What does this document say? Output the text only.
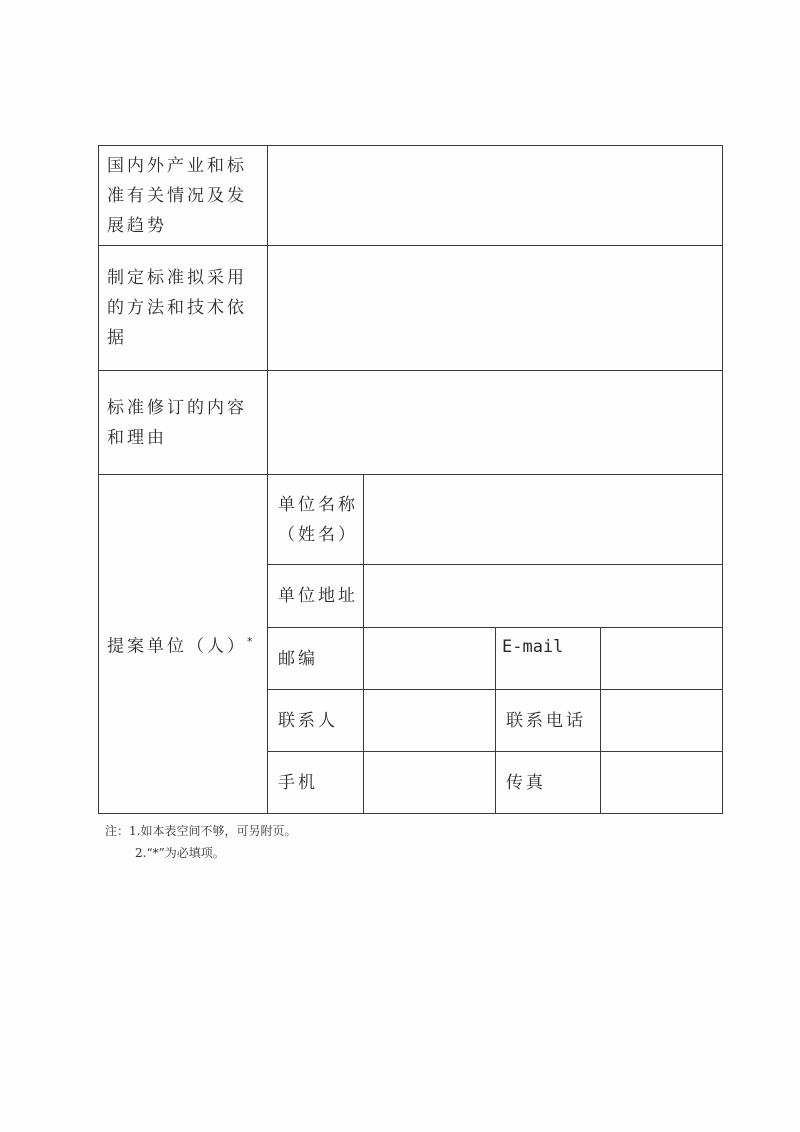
国内外产业和标准有关情况及发展趋势				
制定标准拟采用的方法和技术依据				
标准修订的内容和理由				
提案单位（人）*	单位名称（姓名）			
	单位地址			
	邮编		E-mail	
	联系人		联系电话	
	手机		传真	
注：1.如本表空间不够，可另附页。
2.“*”为必填项。
